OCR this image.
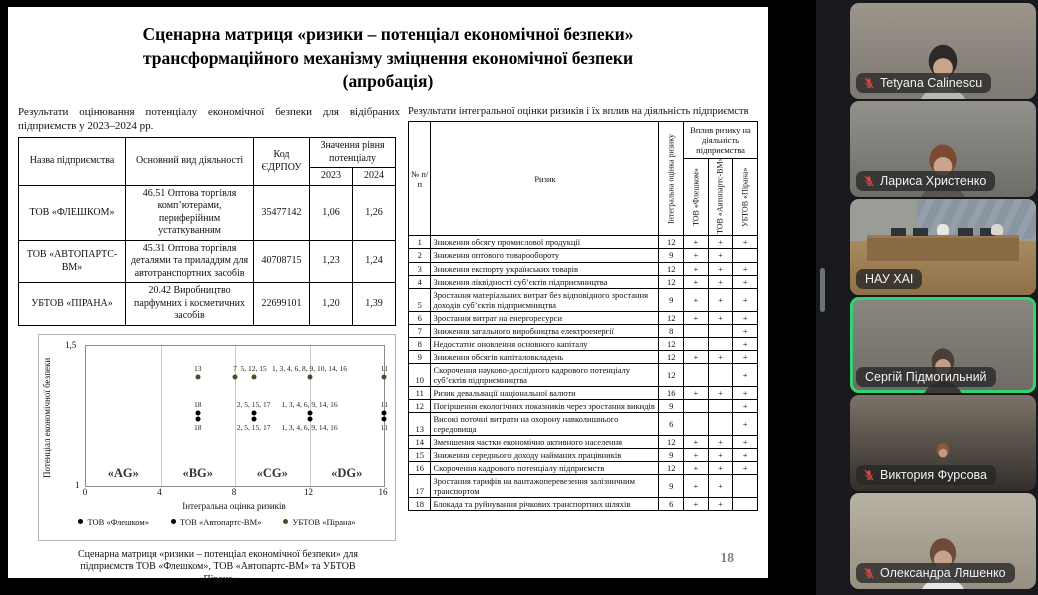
Сценарна матриця «ризики – потенціал економічної безпеки»
трансформаційного механізму зміцнення економічної безпеки
(апробація)
Результати оцінювання потенціалу економічної безпеки для відібраних підприємств у 2023–2024 рр.
Назва підприємства	Основний вид діяльності	Код ЄДРПОУ	Значення рівня потенціалу	
			2023	2024
ТОВ «ФЛЕШКОМ»	46.51 Оптова торгівля комп’ютерами, периферійним устаткуванням	35477142	1,06	1,26
ТОВ «АВТОПАРТС-ВМ»	45.31 Оптова торгівля деталями та приладдям для автотранспортних засобів	40708715	1,23	1,24
УБТОВ «ПІРАНА»	20.42 Виробництво парфумних і косметичних засобів	22699101	1,20	1,39
Потенціал економічної безпеки
1,5
1
«AG»	«BG»	«CG»	«DG»
18	2, 5, 15, 17 1, 3, 4, 6, 9, 14, 16	11
18	2, 5, 15, 17 1, 3, 4, 6, 9, 14, 16	11
13	7 5, 12, 15 1, 3, 4, 6, 8, 9, 10, 14, 16	11
0	4	8	12	16
Інтегральна оцінка ризиків
ТОВ «Флешком»	ТОВ «Автопартс-ВМ»	УБТОВ «Пірана»
Сценарна матриця «ризики – потенціал економічної безпеки» для підприємств ТОВ «Флешком», ТОВ «Автопартс-ВМ» та УБТОВ «Пірана»
Результати інтегральної оцінки ризиків і їх вплив на діяльність підприємств
№ п/п	Ризик	Інтегральна оцінка ризику	Вплив ризику на діяльність підприємства		
			ТОВ «Флешком»	ТОВ «Автопартс-ВМ»	УБТОВ «Пірана»
1	Зниження обсягу промислової продукції	12	+	+	+
2	Зниження оптового товарообороту	9	+	+	
3	Зниження експорту українських товарів	12	+	+	+
4	Зниження ліквідності суб’єктів підприємництва	12	+	+	+
5	Зростання матеріальних витрат без відповідного зростання доходів суб’єктів підприємництва	9	+	+	+
6	Зростання витрат на енергоресурси	12	+	+	+
7	Зниження загального виробництва електроенергії	8			+
8	Недостатнє оновлення основного капіталу	12			+
9	Зниження обсягів капіталовкладень	12	+	+	+
10	Скорочення науково-дослідного кадрового потенціалу суб’єктів підприємництва	12			+
11	Ризик девальвації національної валюти	16	+	+	+
12	Погіршення екологічних показників через зростання викидів	9			+
13	Високі поточні витрати на охорону навколишнього середовища	6			+
14	Зменшення частки економічно активного населення	12	+	+	+
15	Зниження середнього доходу найманих працівників	9	+	+	+
16	Скорочення кадрового потенціалу підприємств	12	+	+	+
17	Зростання тарифів на вантажоперевезення залізничним транспортом	9	+	+	
18	Блокада та руйнування річкових транспортних шляхів	6	+	+	
18
Tetyana Calinescu
Лариса Христенко
НАУ ХАІ
Сергій Підмогильний
Виктория Фурсова
Олександра Ляшенко
